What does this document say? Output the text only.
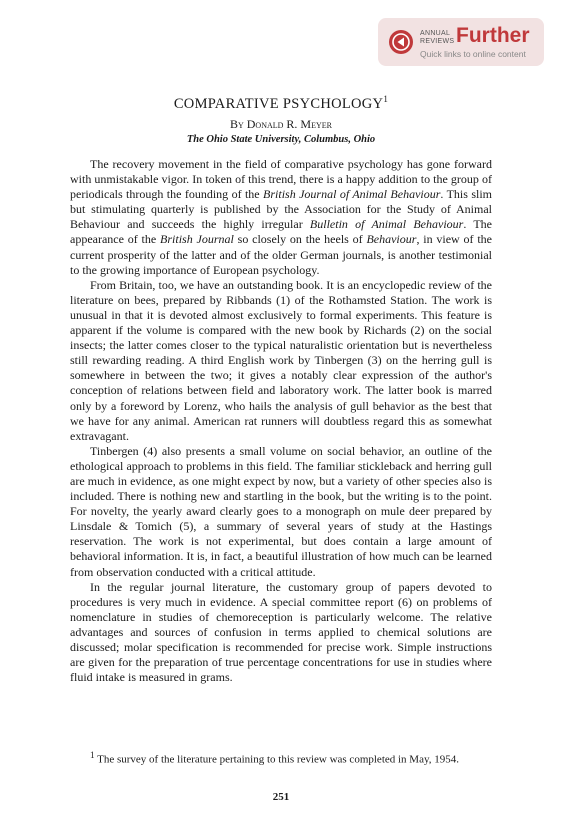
ANNUAL
REVIEWS Further
Quick links to online content
COMPARATIVE PSYCHOLOGY$^1$
By Donald R. Meyer
The Ohio State University, Columbus, Ohio

The recovery movement in the field of comparative psychology has gone forward with unmistakable vigor. In token of this trend, there is a happy addition to the group of periodicals through the founding of the British Journal of Animal Behaviour. This slim but stimulating quarterly is published by the Association for the Study of Animal Behaviour and succeeds the highly irregular Bulletin of Animal Behaviour. The appearance of the British Journal so closely on the heels of Behaviour, in view of the current prosperity of the latter and of the older German journals, is another testimonial to the growing importance of European psychology.

From Britain, too, we have an outstanding book. It is an encyclopedic review of the literature on bees, prepared by Ribbands (1) of the Rothamsted Station. The work is unusual in that it is devoted almost exclusively to formal experiments. This feature is apparent if the volume is compared with the new book by Richards (2) on the social insects; the latter comes closer to the typical naturalistic orientation but is nevertheless still rewarding reading. A third English work by Tinbergen (3) on the herring gull is somewhere in between the two; it gives a notably clear expression of the author's conception of relations between field and laboratory work. The latter book is marred only by a foreword by Lorenz, who hails the analysis of gull behavior as the best that we have for any animal. American rat runners will doubtless regard this as somewhat extravagant.

Tinbergen (4) also presents a small volume on social behavior, an outline of the ethological approach to problems in this field. The familiar stickleback and herring gull are much in evidence, as one might expect by now, but a variety of other species also is included. There is nothing new and startling in the book, but the writing is to the point. For novelty, the yearly award clearly goes to a monograph on mule deer prepared by Linsdale & Tomich (5), a summary of several years of study at the Hastings reservation. The work is not experimental, but does contain a large amount of behavioral information. It is, in fact, a beautiful illustration of how much can be learned from observation conducted with a critical attitude.

In the regular journal literature, the customary group of papers devoted to procedures is very much in evidence. A special committee report (6) on problems of nomenclature in studies of chemoreception is particularly welcome. The relative advantages and sources of confusion in terms applied to chemical solutions are discussed; molar specification is recommended for precise work. Simple instructions are given for the preparation of true percentage concentrations for use in studies where fluid intake is measured in grams.

$^1$ The survey of the literature pertaining to this review was completed in May, 1954.

251
